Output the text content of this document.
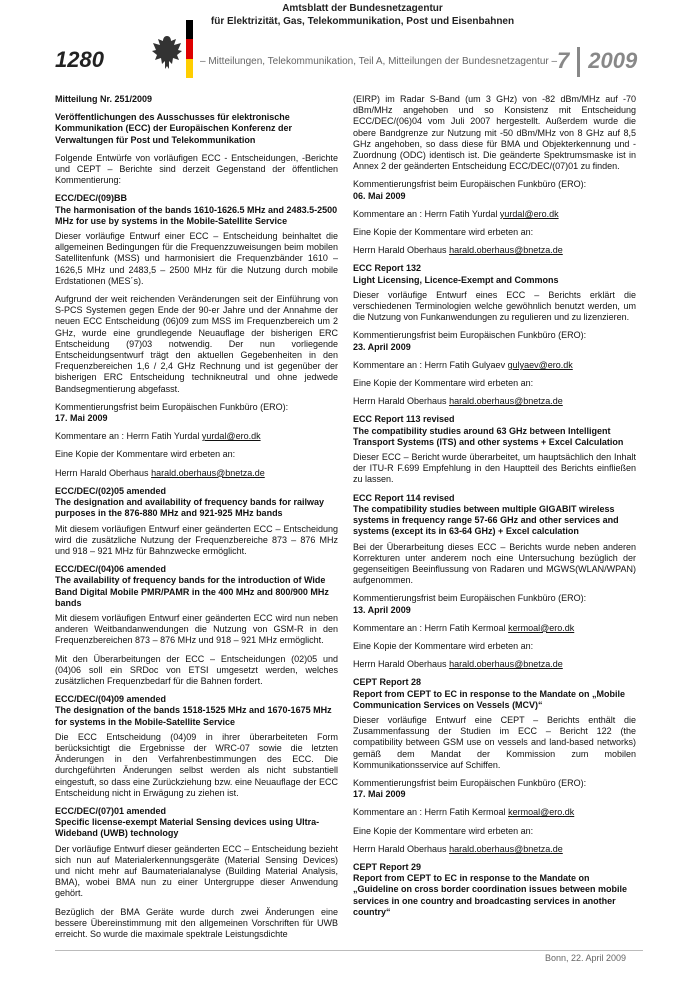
1280
Amtsblatt der Bundesnetzagentur
für Elektrizität, Gas, Telekommunikation, Post und Eisenbahnen
– Mitteilungen, Telekommunikation, Teil A, Mitteilungen der Bundesnetzagentur – 7 2009

Mitteilung Nr. 251/2009

Veröffentlichungen des Ausschusses für elektronische Kommunikation (ECC) der Europäischen Konferenz der Verwaltungen für Post und Telekommunikation

Folgende Entwürfe von vorläufigen ECC - Entscheidungen, -Berichte und CEPT – Berichte sind derzeit Gegenstand der öffentlichen Kommentierung:

ECC/DEC/(09)BB
The harmonisation of the bands 1610-1626.5 MHz and 2483.5-2500 MHz for use by systems in the Mobile-Satellite Service

Dieser vorläufige Entwurf einer ECC – Entscheidung beinhaltet die allgemeinen Bedingungen für die Frequenzzuweisungen beim mobilen Satellitenfunk (MSS) und harmonisiert die Frequenzbänder 1610 – 1626,5 MHz und 2483,5 – 2500 MHz für die Nutzung durch mobile Erdstationen (MES´s).

Aufgrund der weit reichenden Veränderungen seit der Einführung von S-PCS Systemen gegen Ende der 90-er Jahre und der Annahme der neuen ECC Entscheidung (06)09 zum MSS im Frequenzbereich um 2 GHz, wurde eine grundlegende Neuauflage der bisherigen ERC Entscheidung (97)03 notwendig. Der nun vorliegende Entscheidungsentwurf trägt den aktuellen Gegebenheiten in den Frequenzbereichen 1,6 / 2,4 GHz Rechnung und ist gegenüber der bisherigen ERC Entscheidung technikneutral und ohne jedwede Bandsegmentierung abgefasst.

Kommentierungsfrist beim Europäischen Funkbüro (ERO):
17. Mai 2009

Kommentare an : Herrn Fatih Yurdal yurdal@ero.dk

Eine Kopie der Kommentare wird erbeten an:

Herrn Harald Oberhaus harald.oberhaus@bnetza.de

ECC/DEC/(02)05 amended
The designation and availability of frequency bands for railway purposes in the 876-880 MHz and 921-925 MHz bands

Mit diesem vorläufigen Entwurf einer geänderten ECC – Entscheidung wird die zusätzliche Nutzung der Frequenzbereiche 873 – 876 MHz und 918 – 921 MHz für Bahnzwecke ermöglicht.

ECC/DEC/(04)06 amended
The availability of frequency bands for the introduction of Wide Band Digital Mobile PMR/PAMR in the 400 MHz and 800/900 MHz bands

Mit diesem vorläufigen Entwurf einer geänderten ECC wird nun neben anderen Weitbandanwendungen die Nutzung von GSM-R in den Frequenzbereichen 873 – 876 MHz und 918 – 921 MHz ermöglicht.

Mit den Überarbeitungen der ECC – Entscheidungen (02)05 und (04)06 soll ein SRDoc von ETSI umgesetzt werden, welches zusätzlichen Frequenzbedarf für die Bahnen fordert.

ECC/DEC/(04)09 amended
The designation of the bands 1518-1525 MHz and 1670-1675 MHz for systems in the Mobile-Satellite Service

Die ECC Entscheidung (04)09 in ihrer überarbeiteten Form berücksichtigt die Ergebnisse der WRC-07 sowie die letzten Änderungen in den Verfahrenbestimmungen des ECC. Die durchgeführten Änderungen selbst werden als nicht substantiell eingestuft, so dass eine Zurückziehung bzw. eine Neuauflage der ECC Entscheidung nicht in Erwägung zu ziehen ist.

ECC/DEC/(07)01 amended
Specific license-exempt Material Sensing devices using Ultra-Wideband (UWB) technology

Der vorläufige Entwurf dieser geänderten ECC – Entscheidung bezieht sich nun auf Materialerkennungsgeräte (Material Sensing Devices) und nicht mehr auf Baumaterialanalyse (Building Material Analysis, BMA), wobei BMA nun zu einer Untergruppe dieser Anwendung gehört.

Bezüglich der BMA Geräte wurde durch zwei Änderungen eine bessere Übereinstimmung mit den allgemeinen Vorschriften für UWB erreicht. So wurde die maximale spektrale Leistungsdichte

(EIRP) im Radar S-Band (um 3 GHz) von -82 dBm/MHz auf -70 dBm/MHz angehoben und so Konsistenz mit Entscheidung ECC/DEC/(06)04 vom Juli 2007 hergestellt. Außerdem wurde die obere Bandgrenze zur Nutzung mit -50 dBm/MHz von 8 GHz auf 8,5 GHz angehoben, so dass diese für BMA und Objekterkennung und -Zuordnung (ODC) identisch ist. Die geänderte Spektrumsmaske ist in Annex 2 der geänderten Entscheidung ECC/DEC/(07)01 zu finden.

Kommentierungsfrist beim Europäischen Funkbüro (ERO):
06. Mai 2009

Kommentare an : Herrn Fatih Yurdal yurdal@ero.dk

Eine Kopie der Kommentare wird erbeten an:

Herrn Harald Oberhaus harald.oberhaus@bnetza.de

ECC Report 132
Light Licensing, Licence-Exempt and Commons

Dieser vorläufige Entwurf eines ECC – Berichts erklärt die verschiedenen Terminologien welche gewöhnlich benutzt werden, um die Nutzung von Funkanwendungen zu regulieren und zu lizenzieren.

Kommentierungsfrist beim Europäischen Funkbüro (ERO):
23. April 2009

Kommentare an : Herrn Fatih Gulyaev gulyaev@ero.dk

Eine Kopie der Kommentare wird erbeten an:

Herrn Harald Oberhaus harald.oberhaus@bnetza.de

ECC Report 113 revised
The compatibility studies around 63 GHz between Intelligent Transport Systems (ITS) and other systems + Excel Calculation

Dieser ECC – Bericht wurde überarbeitet, um hauptsächlich den Inhalt der ITU-R F.699 Empfehlung in den Hauptteil des Berichts einfließen zu lassen.

ECC Report 114 revised
The compatibility studies between multiple GIGABIT wireless systems in frequency range 57-66 GHz and other services and systems (except its in 63-64 GHz) + Excel calculation

Bei der Überarbeitung dieses ECC – Berichts wurde neben anderen Korrekturen unter anderem noch eine Untersuchung bezüglich der gegenseitigen Beeinflussung von Radaren und MGWS(WLAN/WPAN) aufgenommen.

Kommentierungsfrist beim Europäischen Funkbüro (ERO):
13. April 2009

Kommentare an : Herrn Fatih Kermoal kermoal@ero.dk

Eine Kopie der Kommentare wird erbeten an:

Herrn Harald Oberhaus harald.oberhaus@bnetza.de

CEPT Report 28
Report from CEPT to EC in response to the Mandate on „Mobile Communication Services on Vessels (MCV)“

Dieser vorläufige Entwurf eine CEPT – Berichts enthält die Zusammenfassung der Studien im ECC – Bericht 122 (the compatibility between GSM use on vessels and land-based networks) gemäß dem Mandat der Kommission zum mobilen Kommunikationsservice auf Schiffen.

Kommentierungsfrist beim Europäischen Funkbüro (ERO):
17. Mai 2009

Kommentare an : Herrn Fatih Kermoal kermoal@ero.dk

Eine Kopie der Kommentare wird erbeten an:

Herrn Harald Oberhaus harald.oberhaus@bnetza.de

CEPT Report 29
Report from CEPT to EC in response to the Mandate on „Guideline on cross border coordination issues between mobile services in one country and broadcasting services in another country“
Bonn, 22. April 2009
